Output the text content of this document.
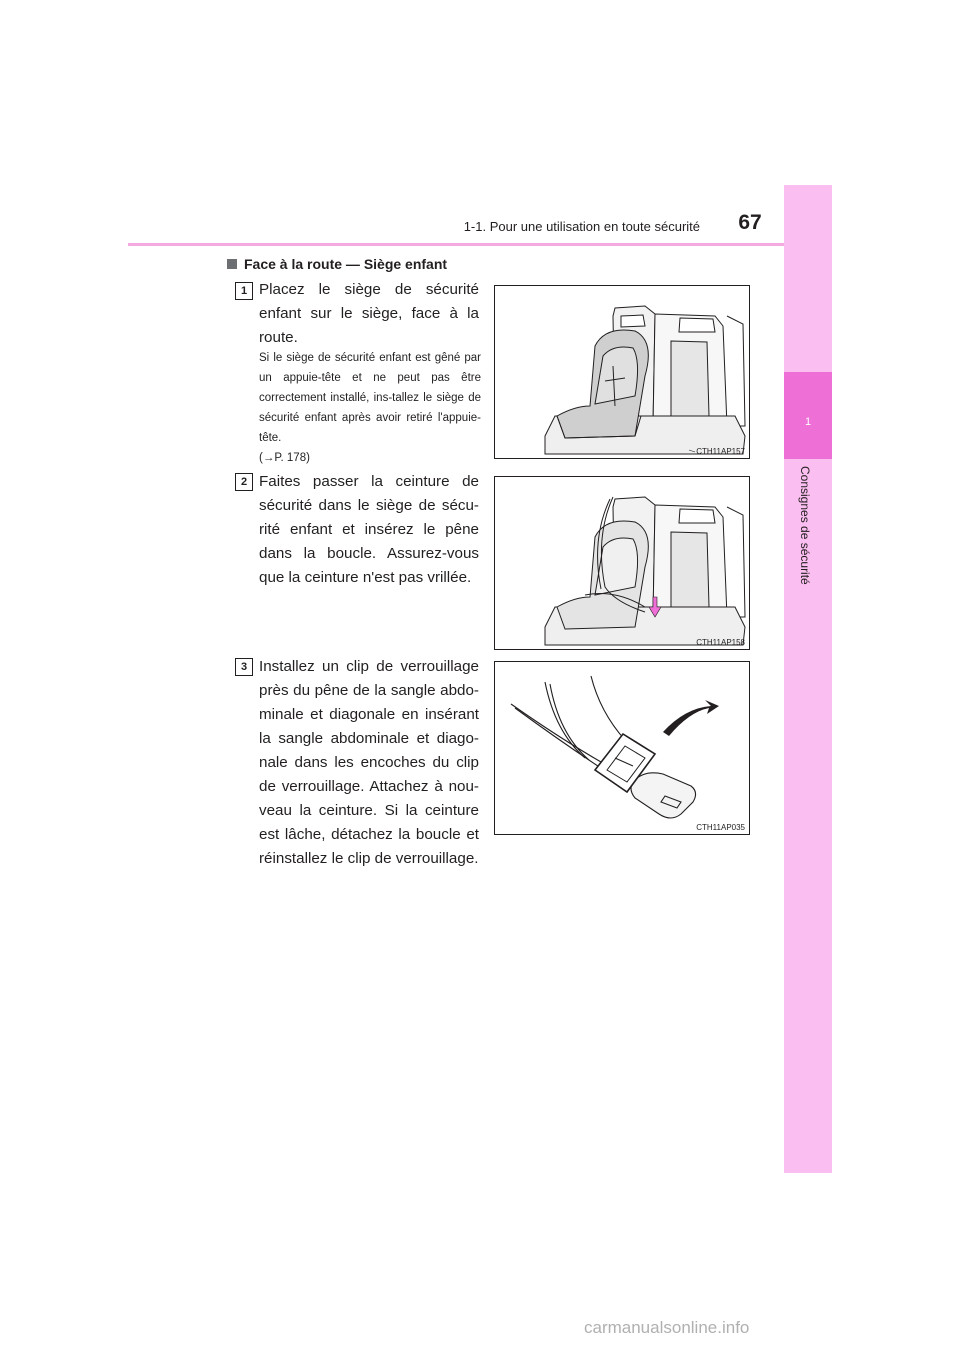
1-1. Pour une utilisation en toute sécurité	67
1
Consignes de sécurité
Face à la route — Siège enfant
1 Placez le siège de sécurité enfant sur le siège, face à la route.
Si le siège de sécurité enfant est gêné par un appuie-tête et ne peut pas être correctement installé, ins-tallez le siège de sécurité enfant après avoir retiré l'appuie-tête.
(→P. 178)
CTH11AP157
2 Faites passer la ceinture de sécurité dans le siège de sécu-rité enfant et insérez le pêne dans la boucle. Assurez-vous que la ceinture n'est pas vrillée.
CTH11AP158
3 Installez un clip de verrouillage près du pêne de la sangle abdo-minale et diagonale en insérant la sangle abdominale et diago-nale dans les encoches du clip de verrouillage. Attachez à nou-veau la ceinture. Si la ceinture est lâche, détachez la boucle et réinstallez le clip de verrouillage.
CTH11AP035
carmanualsonline.info
